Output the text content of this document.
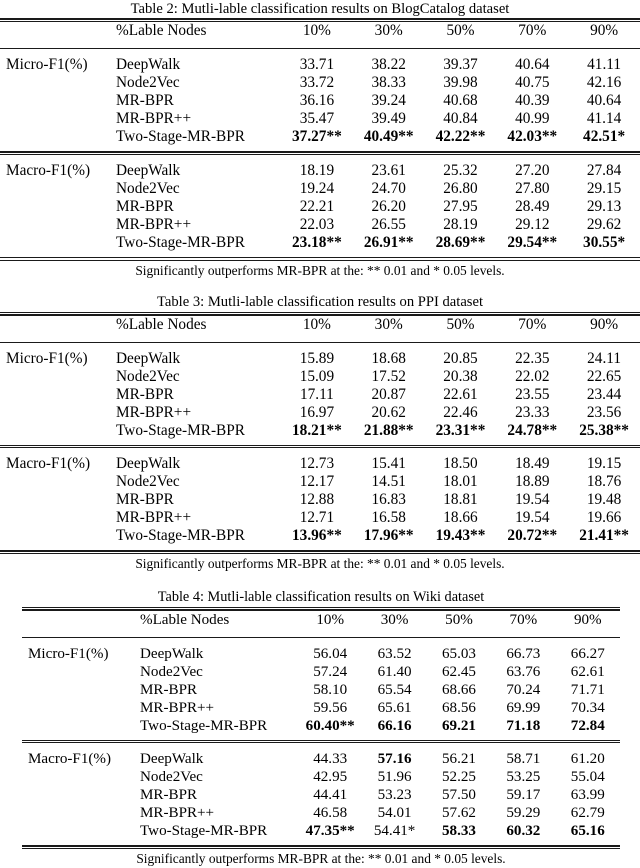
Table 2: Mutli-lable classification results on BlogCatalog dataset
	%Lable Nodes	10%	30%	50%	70%	90%

Micro-F1(%)	DeepWalk	33.71	38.22	39.37	40.64	41.11
	Node2Vec	33.72	38.33	39.98	40.75	42.16
	MR-BPR	36.16	39.24	40.68	40.39	40.64
	MR-BPR++	35.47	39.49	40.84	40.99	41.14
	Two-Stage-MR-BPR	37.27**	40.49**	42.22**	42.03**	42.51*

Macro-F1(%)	DeepWalk	18.19	23.61	25.32	27.20	27.84
	Node2Vec	19.24	24.70	26.80	27.80	29.15
	MR-BPR	22.21	26.20	27.95	28.49	29.13
	MR-BPR++	22.03	26.55	28.19	29.12	29.62
	Two-Stage-MR-BPR	23.18**	26.91**	28.69**	29.54**	30.55*

Significantly outperforms MR-BPR at the: ** 0.01 and * 0.05 levels.
Table 3: Mutli-lable classification results on PPI dataset
	%Lable Nodes	10%	30%	50%	70%	90%

Micro-F1(%)	DeepWalk	15.89	18.68	20.85	22.35	24.11
	Node2Vec	15.09	17.52	20.38	22.02	22.65
	MR-BPR	17.11	20.87	22.61	23.55	23.44
	MR-BPR++	16.97	20.62	22.46	23.33	23.56
	Two-Stage-MR-BPR	18.21**	21.88**	23.31**	24.78**	25.38**

Macro-F1(%)	DeepWalk	12.73	15.41	18.50	18.49	19.15
	Node2Vec	12.17	14.51	18.01	18.89	18.76
	MR-BPR	12.88	16.83	18.81	19.54	19.48
	MR-BPR++	12.71	16.58	18.66	19.54	19.66
	Two-Stage-MR-BPR	13.96**	17.96**	19.43**	20.72**	21.41**

Significantly outperforms MR-BPR at the: ** 0.01 and * 0.05 levels.
Table 4: Mutli-lable classification results on Wiki dataset
	%Lable Nodes	10%	30%	50%	70%	90%

Micro-F1(%)	DeepWalk	56.04	63.52	65.03	66.73	66.27
	Node2Vec	57.24	61.40	62.45	63.76	62.61
	MR-BPR	58.10	65.54	68.66	70.24	71.71
	MR-BPR++	59.56	65.61	68.56	69.99	70.34
	Two-Stage-MR-BPR	60.40**	66.16	69.21	71.18	72.84

Macro-F1(%)	DeepWalk	44.33	57.16	56.21	58.71	61.20
	Node2Vec	42.95	51.96	52.25	53.25	55.04
	MR-BPR	44.41	53.23	57.50	59.17	63.99
	MR-BPR++	46.58	54.01	57.62	59.29	62.79
	Two-Stage-MR-BPR	47.35**	54.41*	58.33	60.32	65.16

Significantly outperforms MR-BPR at the: ** 0.01 and * 0.05 levels.
